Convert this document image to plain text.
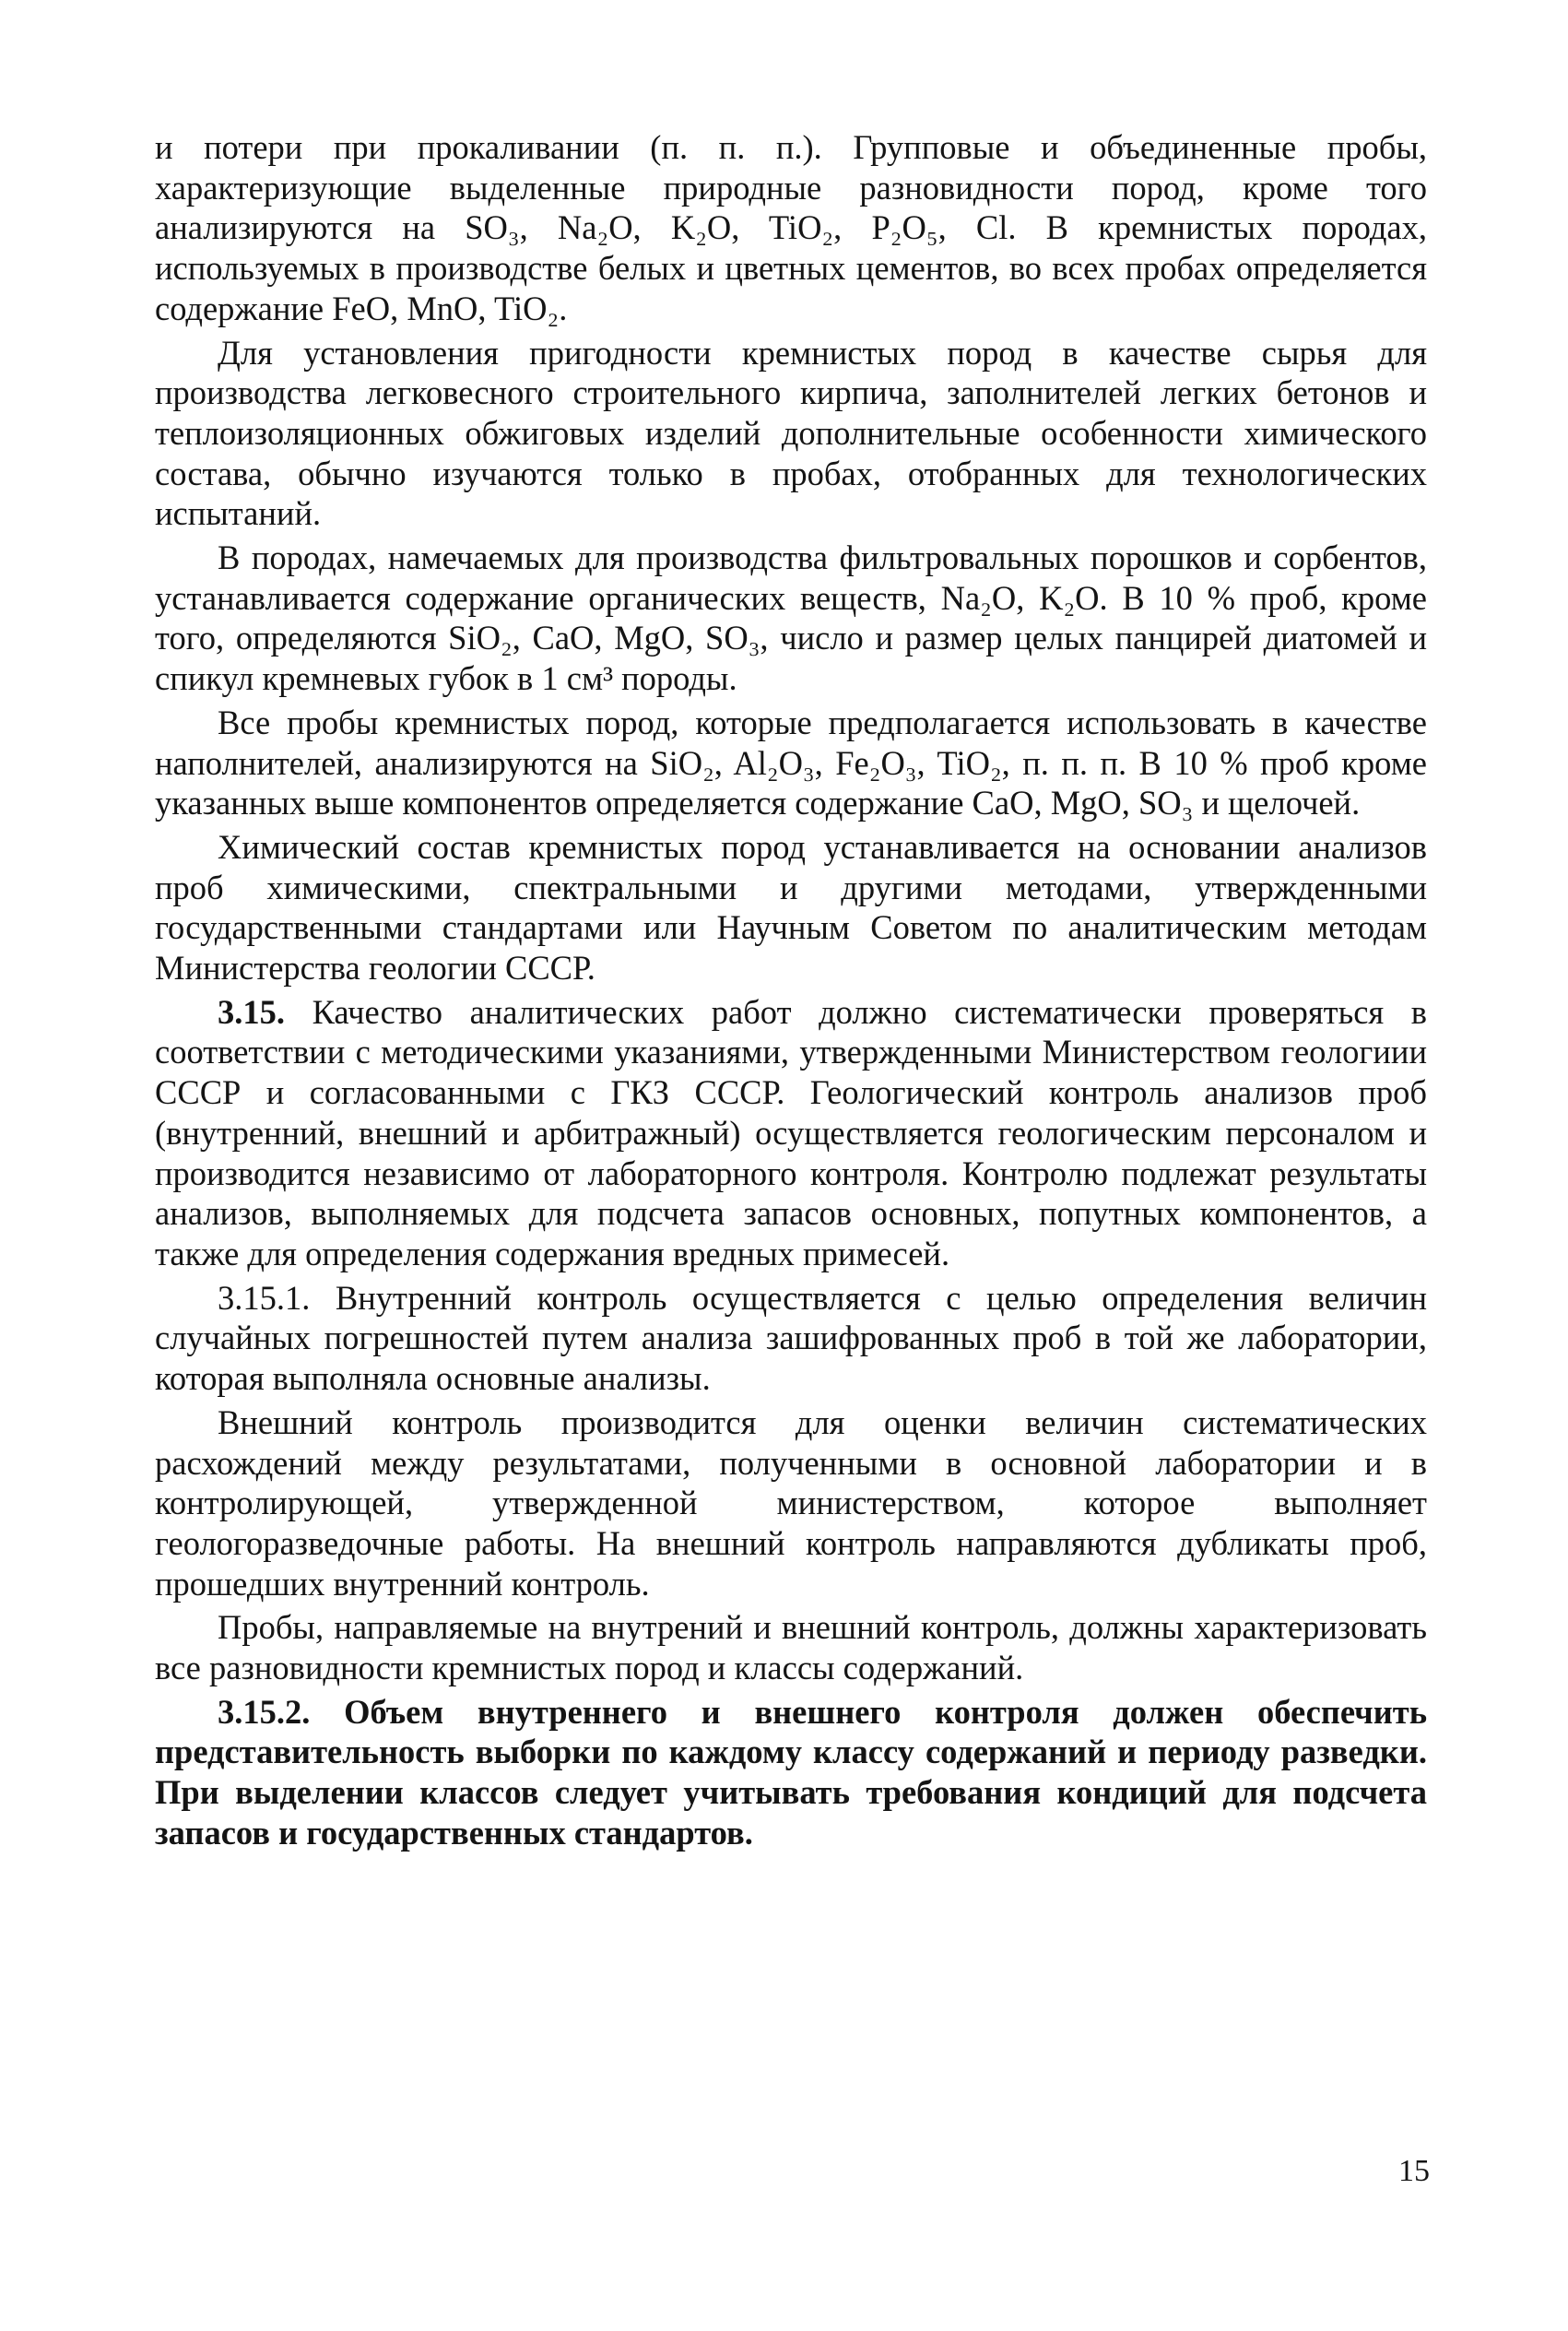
и потери при прокаливании (п. п. п.). Групповые и объединенные пробы, характеризующие выделенные природные разновидности пород, кроме того анализируются на SO₃, Na₂O, K₂O, TiO₂, P₂O₅, Cl. В кремнистых породах, используемых в производстве белых и цветных цементов, во всех пробах определяется содержание FeO, MnO, TiO₂.

Для установления пригодности кремнистых пород в качестве сырья для производства легковесного строительного кирпича, заполнителей легких бетонов и теплоизоляционных обжиговых изделий дополнительные особенности химического состава, обычно изучаются только в пробах, отобранных для технологических испытаний.

В породах, намечаемых для производства фильтровальных порошков и сорбентов, устанавливается содержание органических веществ, Na₂O, K₂O. В 10 % проб, кроме того, определяются SiO₂, CaO, MgO, SO₃, число и размер целых панцирей диатомей и спикул кремневых губок в 1 см³ породы.

Все пробы кремнистых пород, которые предполагается использовать в качестве наполнителей, анализируются на SiO₂, Al₂O₃, Fe₂O₃, TiO₂, п. п. п. В 10 % проб кроме указанных выше компонентов определяется содержание CaO, MgO, SO₃ и щелочей.

Химический состав кремнистых пород устанавливается на основании анализов проб химическими, спектральными и другими методами, утвержденными государственными стандартами или Научным Советом по аналитическим методам Министерства геологии СССР.

3.15. Качество аналитических работ должно систематически проверяться в соответствии с методическими указаниями, утвержденными Министерством геологиии СССР и согласованными с ГКЗ СССР. Геологический контроль анализов проб (внутренний, внешний и арбитражный) осуществляется геологическим персоналом и производится независимо от лабораторного контроля. Контролю подлежат результаты анализов, выполняемых для подсчета запасов основных, попутных компонентов, а также для определения содержания вредных примесей.

3.15.1. Внутренний контроль осуществляется с целью определения величин случайных погрешностей путем анализа зашифрованных проб в той же лаборатории, которая выполняла основные анализы.

Внешний контроль производится для оценки величин систематических расхождений между результатами, полученными в основной лаборатории и в контролирующей, утвержденной министерством, которое выполняет геологоразведочные работы. На внешний контроль направляются дубликаты проб, прошедших внутренний контроль.

Пробы, направляемые на внутрений и внешний контроль, должны характеризовать все разновидности кремнистых пород и классы содержаний.

3.15.2. Объем внутреннего и внешнего контроля должен обеспечить представительность выборки по каждому классу содержаний и периоду разведки. При выделении классов следует учитывать требования кондиций для подсчета запасов и государственных стандартов.

15
